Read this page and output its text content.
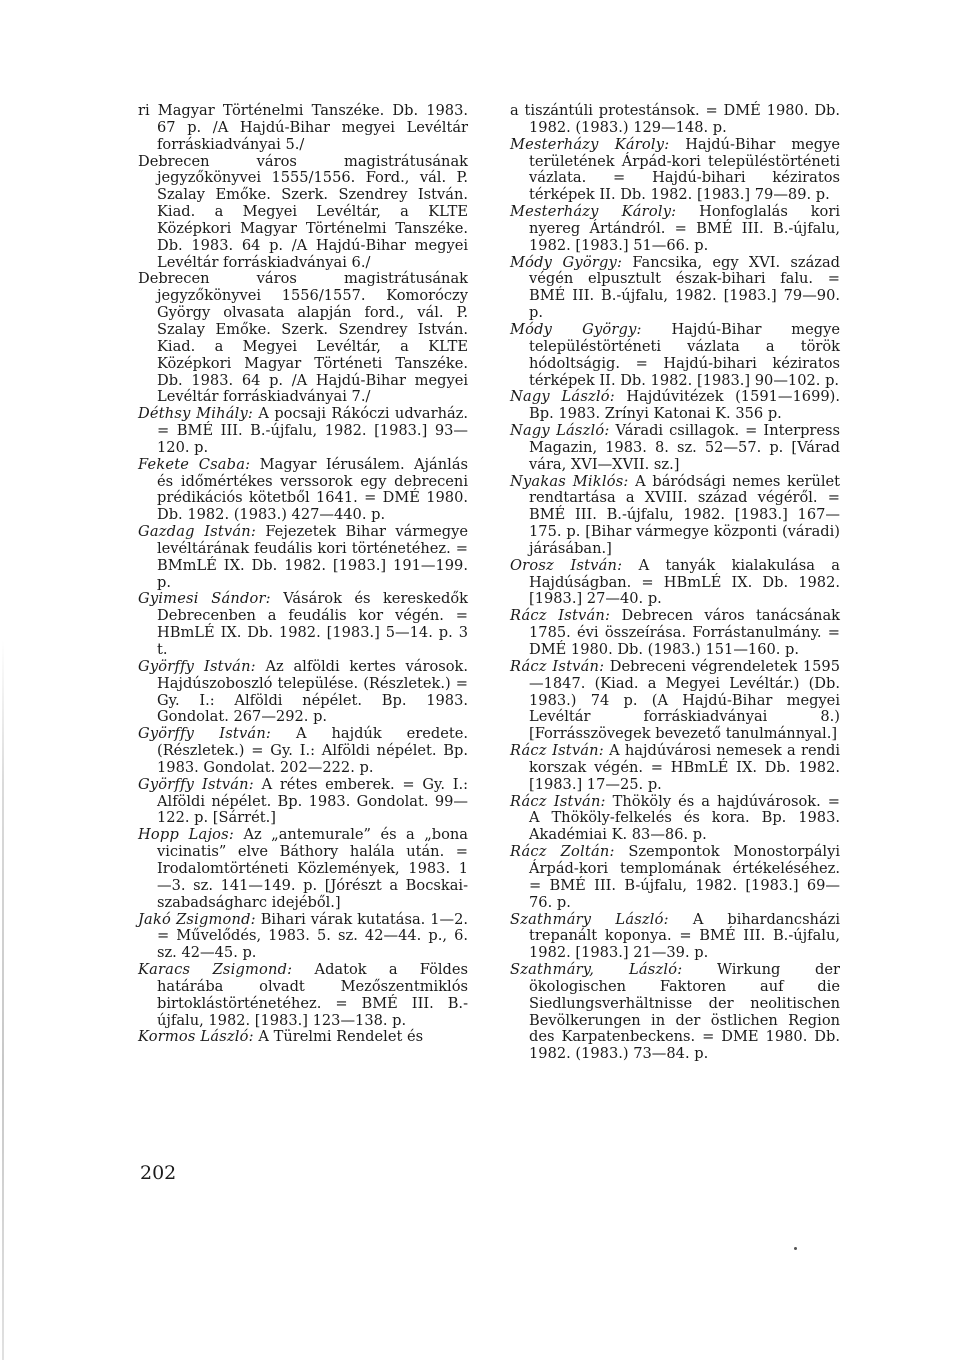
ri Magyar Történelmi Tanszéke. Db. 1983. 67 p. /A Hajdú-Bihar megyei Levéltár forráskiadványai 5./

Debrecen város magistrátusának jegyzőkönyvei 1555/1556. Ford., vál. P. Szalay Emőke. Szerk. Szendrey István. Kiad. a Megyei Levéltár, a KLTE Középkori Magyar Történelmi Tanszéke. Db. 1983. 64 p. /A Hajdú-Bihar megyei Levéltár forráskiadványai 6./

Debrecen város magistrátusának jegyzőkönyvei 1556/1557. Komoróczy György olvasata alapján ford., vál. P. Szalay Emőke. Szerk. Szendrey István. Kiad. a Megyei Levéltár, a KLTE Középkori Magyar Történeti Tanszéke. Db. 1983. 64 p. /A Hajdú-Bihar megyei Levéltár forráskiadványai 7./

Déthsy Mihály: A pocsaji Rákóczi udvarház. = BMÉ III. B.-újfalu, 1982. [1983.] 93—120. p.

Fekete Csaba: Magyar Iérusálem. Ajánlás és időmértékes verssorok egy debreceni prédikációs kötetből 1641. = DMÉ 1980. Db. 1982. (1983.) 427—440. p.

Gazdag István: Fejezetek Bihar vármegye levéltárának feudális kori történetéhez. = BMmLÉ IX. Db. 1982. [1983.] 191—199. p.

Gyimesi Sándor: Vásárok és kereskedők Debrecenben a feudális kor végén. = HBmLÉ IX. Db. 1982. [1983.] 5—14. p. 3 t.

Györffy István: Az alföldi kertes városok. Hajdúszoboszló települése. (Részletek.) = Gy. I.: Alföldi népélet. Bp. 1983. Gondolat. 267—292. p.

Györffy István: A hajdúk eredete. (Részletek.) = Gy. I.: Alföldi népélet. Bp. 1983. Gondolat. 202—222. p.

Györffy István: A rétes emberek. = Gy. I.: Alföldi népélet. Bp. 1983. Gondolat. 99—122. p. [Sárrét.]

Hopp Lajos: Az „antemurale” és a „bona vicinatis” elve Báthory halála után. = Irodalomtörténeti Közlemények, 1983. 1—3. sz. 141—149. p. [Jórészt a Bocskai-szabadságharc idejéből.]

Jakó Zsigmond: Bihari várak kutatása. 1—2. = Művelődés, 1983. 5. sz. 42—44. p., 6. sz. 42—45. p.

Karacs Zsigmond: Adatok a Földes határába olvadt Mezőszentmiklós birtoklástörténetéhez. = BMÉ III. B.-újfalu, 1982. [1983.] 123—138. p.

Kormos László: A Türelmi Rendelet és

a tiszántúli protestánsok. = DMÉ 1980. Db. 1982. (1983.) 129—148. p.

Mesterházy Károly: Hajdú-Bihar megye területének Árpád-kori településtörténeti vázlata. = Hajdú-bihari kéziratos térképek II. Db. 1982. [1983.] 79—89. p.

Mesterházy Károly: Honfoglalás kori nyereg Ártándról. = BMÉ III. B.-újfalu, 1982. [1983.] 51—66. p.

Módy György: Fancsika, egy XVI. század végén elpusztult észak-bihari falu. = BMÉ III. B.-újfalu, 1982. [1983.] 79—90. p.

Módy György: Hajdú-Bihar megye településtörténeti vázlata a török hódoltságig. = Hajdú-bihari kéziratos térképek II. Db. 1982. [1983.] 90—102. p.

Nagy László: Hajdúvitézek (1591—1699). Bp. 1983. Zrínyi Katonai K. 356 p.

Nagy László: Váradi csillagok. = Interpress Magazin, 1983. 8. sz. 52—57. p. [Várad vára, XVI—XVII. sz.]

Nyakas Miklós: A báródsági nemes kerület rendtartása a XVIII. század végéről. = BMÉ III. B.-újfalu, 1982. [1983.] 167—175. p. [Bihar vármegye központi (váradi) járásában.]

Orosz István: A tanyák kialakulása a Hajdúságban. = HBmLÉ IX. Db. 1982. [1983.] 27—40. p.

Rácz István: Debrecen város tanácsának 1785. évi összeírása. Forrástanulmány. = DMÉ 1980. Db. (1983.) 151—160. p.

Rácz István: Debreceni végrendeletek 1595—1847. (Kiad. a Megyei Levéltár.) (Db. 1983.) 74 p. (A Hajdú-Bihar megyei Levéltár forráskiadványai 8.) [Forrásszövegek bevezető tanulmánnyal.]

Rácz István: A hajdúvárosi nemesek a rendi korszak végén. = HBmLÉ IX. Db. 1982. [1983.] 17—25. p.

Rácz István: Thököly és a hajdúvárosok. = A Thököly-felkelés és kora. Bp. 1983. Akadémiai K. 83—86. p.

Rácz Zoltán: Szempontok Monostorpályi Árpád-kori templomának értékeléséhez. = BMÉ III. B-újfalu, 1982. [1983.] 69—76. p.

Szathmáry László: A bihardancsházi trepanált koponya. = BMÉ III. B.-újfalu, 1982. [1983.] 21—39. p.

Szathmáry, László: Wirkung der ökologischen Faktoren auf die Siedlungsverhältnisse der neolitischen Bevölkerungen in der östlichen Region des Karpatenbeckens. = DME 1980. Db. 1982. (1983.) 73—84. p.

202
